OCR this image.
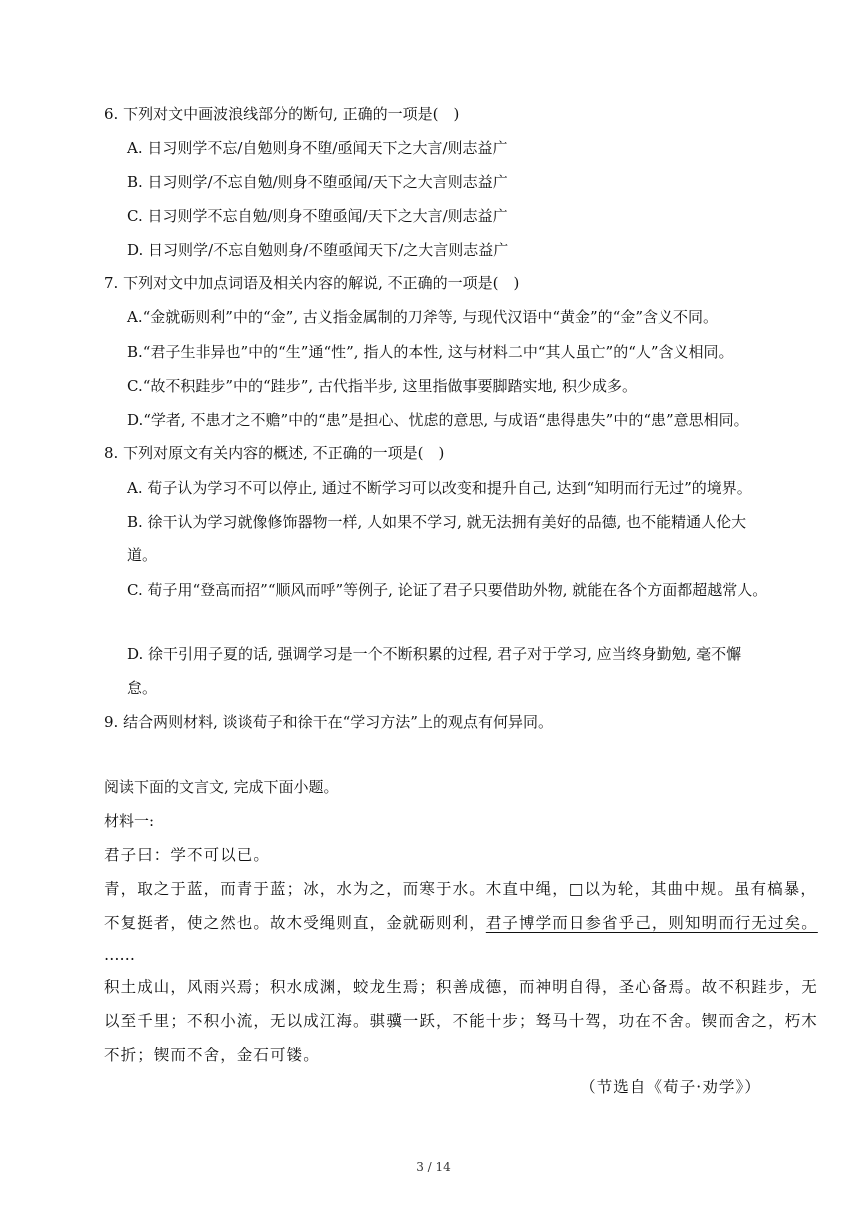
6. 下列对文中画波浪线部分的断句, 正确的一项是(　)
A. 日习则学不忘/自勉则身不堕/亟闻天下之大言/则志益广
B. 日习则学/不忘自勉/则身不堕亟闻/天下之大言则志益广
C. 日习则学不忘自勉/则身不堕亟闻/天下之大言/则志益广
D. 日习则学/不忘自勉则身/不堕亟闻天下/之大言则志益广
7. 下列对文中加点词语及相关内容的解说, 不正确的一项是(　)
A.“金就砺则利”中的“金”, 古义指金属制的刀斧等, 与现代汉语中“黄金”的“金”含义不同。
B.“君子生非异也”中的“生”通“性”, 指人的本性, 这与材料二中“其人虽亡”的“人”含义相同。
C.“故不积跬步”中的“跬步”, 古代指半步, 这里指做事要脚踏实地, 积少成多。
D.“学者, 不患才之不赡”中的“患”是担心、忧虑的意思, 与成语“患得患失”中的“患”意思相同。
8. 下列对原文有关内容的概述, 不正确的一项是(　)
A. 荀子认为学习不可以停止, 通过不断学习可以改变和提升自己, 达到“知明而行无过”的境界。
B. 徐干认为学习就像修饰器物一样, 人如果不学习, 就无法拥有美好的品德, 也不能精通人伦大
道。
C. 荀子用“登高而招”“顺风而呼”等例子, 论证了君子只要借助外物, 就能在各个方面都超越常人。
D. 徐干引用子夏的话, 强调学习是一个不断积累的过程, 君子对于学习, 应当终身勤勉, 毫不懈
怠。
9. 结合两则材料, 谈谈荀子和徐干在“学习方法”上的观点有何异同。
阅读下面的文言文, 完成下面小题。
材料一:
君子曰：学不可以已。
青，取之于蓝，而青于蓝；冰，水为之，而寒于水。木直中绳，□以为轮，其曲中规。虽有槁暴，
不复挺者，使之然也。故木受绳则直，金就砺则利，君子博学而日参省乎己，则知明而行无过矣。
……
积土成山，风雨兴焉；积水成渊，蛟龙生焉；积善成德，而神明自得，圣心备焉。故不积跬步，无
以至千里；不积小流，无以成江海。骐骥一跃，不能十步；驽马十驾，功在不舍。锲而舍之，朽木
不折；锲而不舍，金石可镂。
（节选自《荀子·劝学》）
3 / 14
